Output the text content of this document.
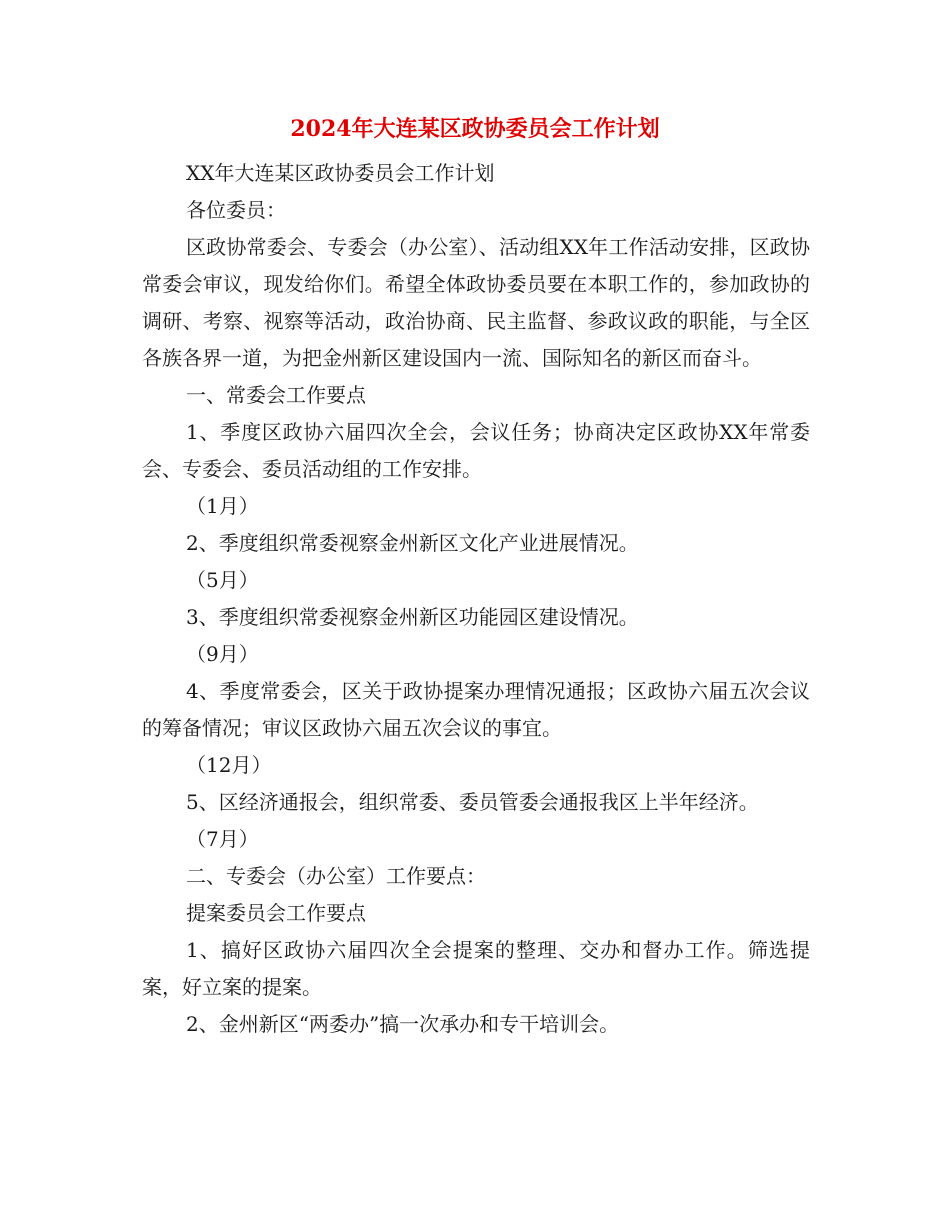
2024年大连某区政协委员会工作计划

XX年大连某区政协委员会工作计划

各位委员：

区政协常委会、专委会（办公室）、活动组XX年工作活动安排，区政协常委会审议，现发给你们。希望全体政协委员要在本职工作的，参加政协的调研、考察、视察等活动，政治协商、民主监督、参政议政的职能，与全区各族各界一道，为把金州新区建设国内一流、国际知名的新区而奋斗。

一、常委会工作要点

1、季度区政协六届四次全会，会议任务；协商决定区政协XX年常委会、专委会、委员活动组的工作安排。

（1月）

2、季度组织常委视察金州新区文化产业进展情况。

（5月）

3、季度组织常委视察金州新区功能园区建设情况。

（9月）

4、季度常委会，区关于政协提案办理情况通报；区政协六届五次会议的筹备情况；审议区政协六届五次会议的事宜。

（12月）

5、区经济通报会，组织常委、委员管委会通报我区上半年经济。

（7月）

二、专委会（办公室）工作要点：

提案委员会工作要点

1、搞好区政协六届四次全会提案的整理、交办和督办工作。筛选提案，好立案的提案。

2、金州新区“两委办”搞一次承办和专干培训会。
